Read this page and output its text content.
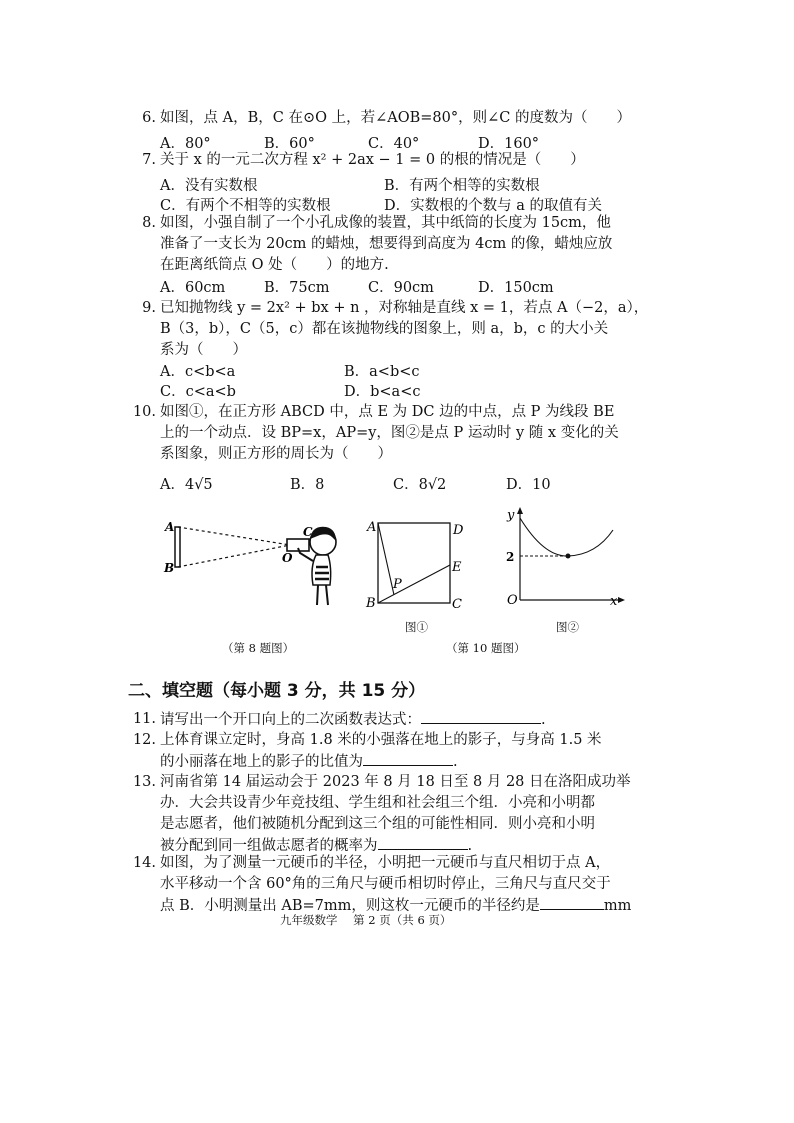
6. 如图，点 A，B，C 在⊙O 上，若∠AOB=80°，则∠C 的度数为（　　）
A．80°	B．60°	C．40°	D．160°
7. 关于 x 的一元二次方程 x² + 2ax − 1 = 0 的根的情况是（　　）
A．没有实数根	B．有两个相等的实数根
C．有两个不相等的实数根	D．实数根的个数与 a 的取值有关
8. 如图，小强自制了一个小孔成像的装置，其中纸筒的长度为 15cm，他
准备了一支长为 20cm 的蜡烛，想要得到高度为 4cm 的像，蜡烛应放
在距离纸筒点 O 处（　　）的地方.
A．60cm	B．75cm	C．90cm	D．150cm
9. 已知抛物线 y = 2x² + bx + n ，对称轴是直线 x = 1，若点 A（−2，a），
B（3，b），C（5，c）都在该抛物线的图象上，则 a，b，c 的大小关
系为（　　）
A．c<b<a	B．a<b<c
C．c<a<b	D．b<a<c
10. 如图①，在正方形 ABCD 中，点 E 为 DC 边的中点，点 P 为线段 BE
上的一个动点．设 BP=x，AP=y，图②是点 P 运动时 y 随 x 变化的关
系图象，则正方形的周长为（　　）
A．4√5	B．8	C．8√2	D．10
A
B
C
O
A	D
E
P
B	C
图①
y
2
O	x
图②
（第 8 题图）	（第 10 题图）
二、填空题（每小题 3 分，共 15 分）
11. 请写出一个开口向上的二次函数表达式：	.
12. 上体育课立定时，身高 1.8 米的小强落在地上的影子，与身高 1.5 米
的小丽落在地上的影子的比值为	.
13. 河南省第 14 届运动会于 2023 年 8 月 18 日至 8 月 28 日在洛阳成功举
办．大会共设青少年竞技组、学生组和社会组三个组．小亮和小明都
是志愿者，他们被随机分配到这三个组的可能性相同．则小亮和小明
被分配到同一组做志愿者的概率为	.
14. 如图，为了测量一元硬币的半径，小明把一元硬币与直尺相切于点 A，
水平移动一个含 60°角的三角尺与硬币相切时停止，三角尺与直尺交于
点 B．小明测量出 AB=7mm，则这枚一元硬币的半径约是	mm
九年级数学 第 2 页（共 6 页）
